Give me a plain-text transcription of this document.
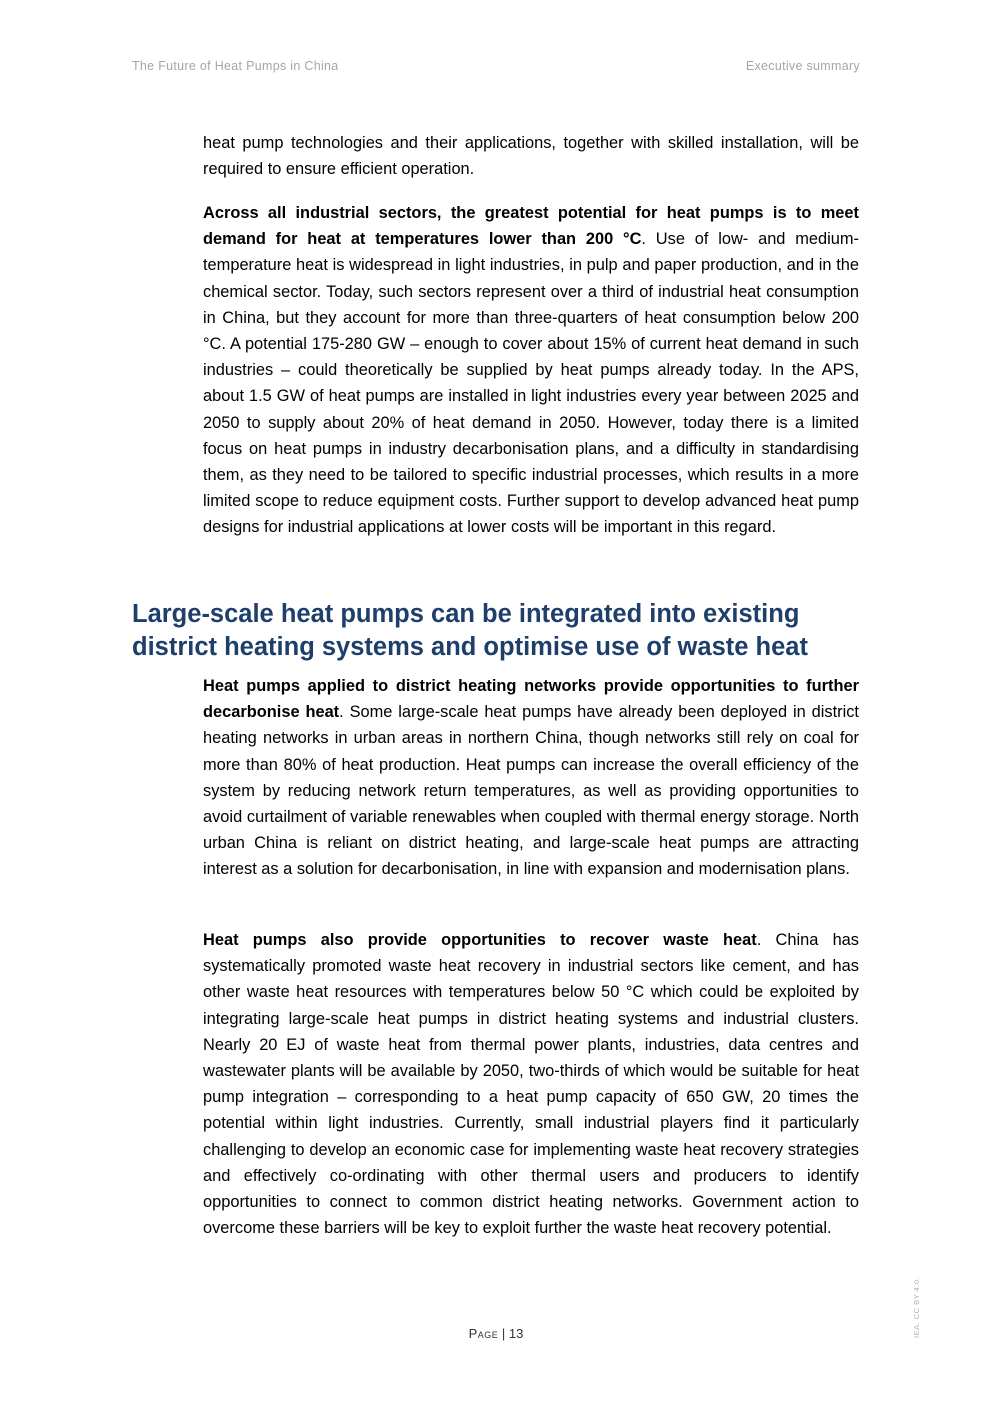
The Future of Heat Pumps in China	Executive summary

heat pump technologies and their applications, together with skilled installation, will be required to ensure efficient operation.

Across all industrial sectors, the greatest potential for heat pumps is to meet demand for heat at temperatures lower than 200 °C. Use of low- and medium-temperature heat is widespread in light industries, in pulp and paper production, and in the chemical sector. Today, such sectors represent over a third of industrial heat consumption in China, but they account for more than three-quarters of heat consumption below 200 °C. A potential 175-280 GW – enough to cover about 15% of current heat demand in such industries – could theoretically be supplied by heat pumps already today. In the APS, about 1.5 GW of heat pumps are installed in light industries every year between 2025 and 2050 to supply about 20% of heat demand in 2050. However, today there is a limited focus on heat pumps in industry decarbonisation plans, and a difficulty in standardising them, as they need to be tailored to specific industrial processes, which results in a more limited scope to reduce equipment costs. Further support to develop advanced heat pump designs for industrial applications at lower costs will be important in this regard.

Large-scale heat pumps can be integrated into existing district heating systems and optimise use of waste heat

Heat pumps applied to district heating networks provide opportunities to further decarbonise heat. Some large-scale heat pumps have already been deployed in district heating networks in urban areas in northern China, though networks still rely on coal for more than 80% of heat production. Heat pumps can increase the overall efficiency of the system by reducing network return temperatures, as well as providing opportunities to avoid curtailment of variable renewables when coupled with thermal energy storage. North urban China is reliant on district heating, and large-scale heat pumps are attracting interest as a solution for decarbonisation, in line with expansion and modernisation plans.

Heat pumps also provide opportunities to recover waste heat. China has systematically promoted waste heat recovery in industrial sectors like cement, and has other waste heat resources with temperatures below 50 °C which could be exploited by integrating large-scale heat pumps in district heating systems and industrial clusters. Nearly 20 EJ of waste heat from thermal power plants, industries, data centres and wastewater plants will be available by 2050, two-thirds of which would be suitable for heat pump integration – corresponding to a heat pump capacity of 650 GW, 20 times the potential within light industries. Currently, small industrial players find it particularly challenging to develop an economic case for implementing waste heat recovery strategies and effectively co-ordinating with other thermal users and producers to identify opportunities to connect to common district heating networks. Government action to overcome these barriers will be key to exploit further the waste heat recovery potential.

Page | 13	IEA. CC BY 4.0.
